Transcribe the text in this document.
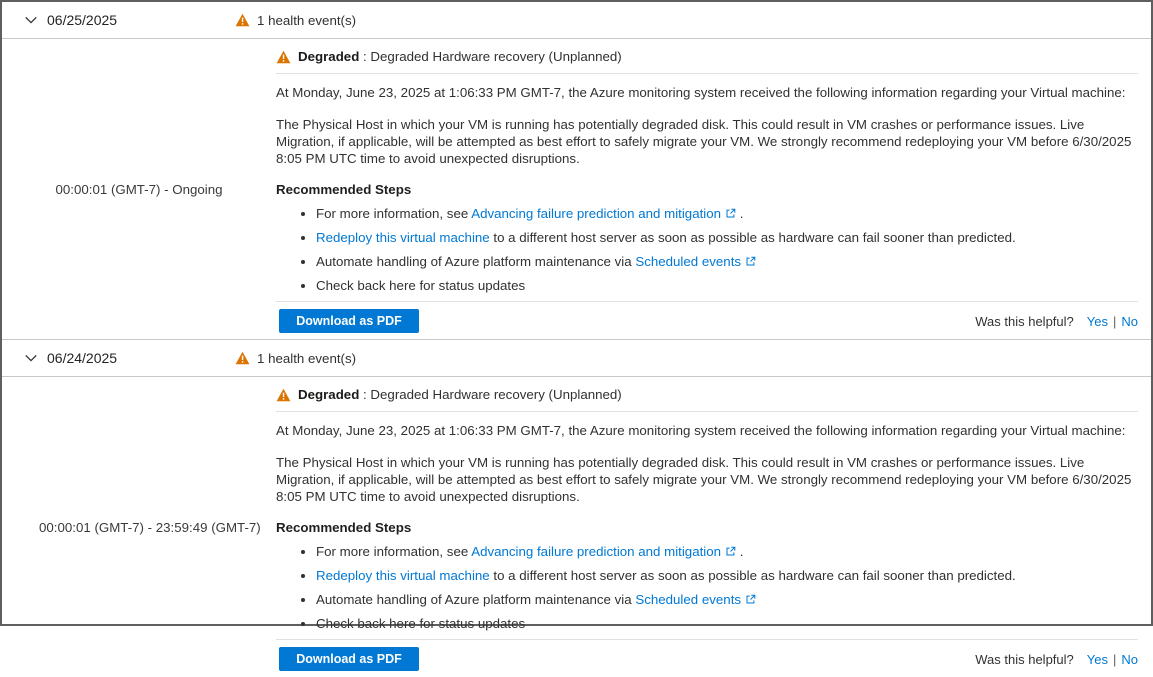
06/25/2025	1 health event(s)
00:00:01 (GMT-7) - Ongoing
Degraded : Degraded Hardware recovery (Unplanned)

At Monday, June 23, 2025 at 1:06:33 PM GMT-7, the Azure monitoring system received the following information regarding your Virtual machine:

The Physical Host in which your VM is running has potentially degraded disk. This could result in VM crashes or performance issues. Live Migration, if applicable, will be attempted as best effort to safely migrate your VM. We strongly recommend redeploying your VM before 6/30/2025 8:05 PM UTC time to avoid unexpected disruptions.

Recommended Steps
• For more information, see Advancing failure prediction and mitigation .
• Redeploy this virtual machine to a different host server as soon as possible as hardware can fail sooner than predicted.
• Automate handling of Azure platform maintenance via Scheduled events
• Check back here for status updates
Download as PDF	Was this helpful? Yes | No
06/24/2025	1 health event(s)
00:00:01 (GMT-7) - 23:59:49 (GMT-7)
Degraded : Degraded Hardware recovery (Unplanned)

At Monday, June 23, 2025 at 1:06:33 PM GMT-7, the Azure monitoring system received the following information regarding your Virtual machine:

The Physical Host in which your VM is running has potentially degraded disk. This could result in VM crashes or performance issues. Live Migration, if applicable, will be attempted as best effort to safely migrate your VM. We strongly recommend redeploying your VM before 6/30/2025 8:05 PM UTC time to avoid unexpected disruptions.

Recommended Steps
• For more information, see Advancing failure prediction and mitigation .
• Redeploy this virtual machine to a different host server as soon as possible as hardware can fail sooner than predicted.
• Automate handling of Azure platform maintenance via Scheduled events
• Check back here for status updates
Download as PDF	Was this helpful? Yes | No
